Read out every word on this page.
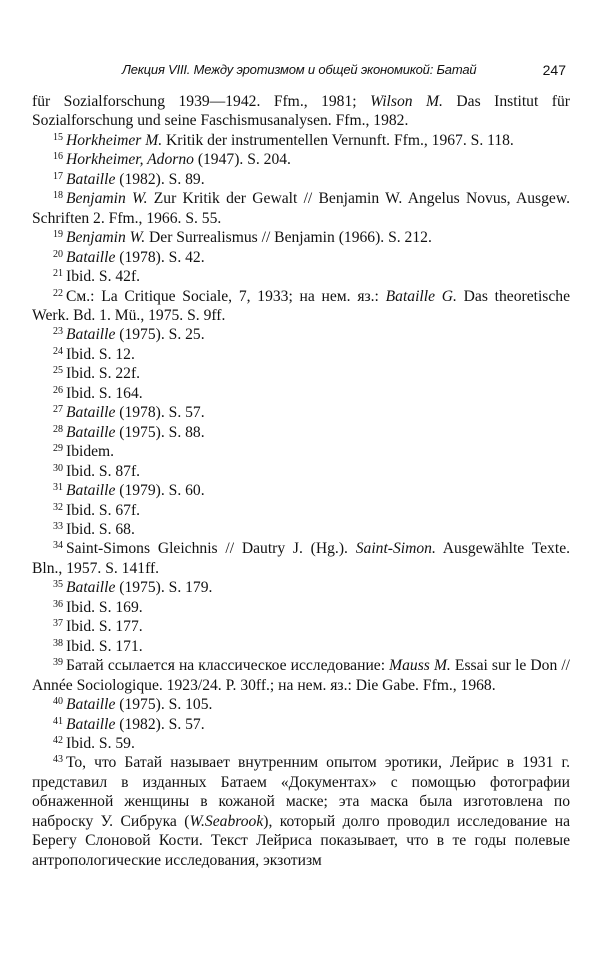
Лекция VIII. Между эротизмом и общей экономикой: Батай	247

für Sozialforschung 1939—1942. Ffm., 1981; Wilson M. Das Institut für Sozialforschung und seine Faschismusanalysen. Ffm., 1982.

$^{15}$ Horkheimer M. Kritik der instrumentellen Vernunft. Ffm., 1967. S. 118.

$^{16}$ Horkheimer, Adorno (1947). S. 204.

$^{17}$ Bataille (1982). S. 89.

$^{18}$ Benjamin W. Zur Kritik der Gewalt // Benjamin W. Angelus Novus, Ausgew. Schriften 2. Ffm., 1966. S. 55.

$^{19}$ Benjamin W. Der Surrealismus // Benjamin (1966). S. 212.

$^{20}$ Bataille (1978). S. 42.

$^{21}$ Ibid. S. 42f.

$^{22}$ См.: La Critique Sociale, 7, 1933; на нем. яз.: Bataille G. Das theoretische Werk. Bd. 1. Mü., 1975. S. 9ff.

$^{23}$ Bataille (1975). S. 25.

$^{24}$ Ibid. S. 12.

$^{25}$ Ibid. S. 22f.

$^{26}$ Ibid. S. 164.

$^{27}$ Bataille (1978). S. 57.

$^{28}$ Bataille (1975). S. 88.

$^{29}$ Ibidem.

$^{30}$ Ibid. S. 87f.

$^{31}$ Bataille (1979). S. 60.

$^{32}$ Ibid. S. 67f.

$^{33}$ Ibid. S. 68.

$^{34}$ Saint-Simons Gleichnis // Dautry J. (Hg.). Saint-Simon. Ausgewählte Texte. Bln., 1957. S. 141ff.

$^{35}$ Bataille (1975). S. 179.

$^{36}$ Ibid. S. 169.

$^{37}$ Ibid. S. 177.

$^{38}$ Ibid. S. 171.

$^{39}$ Батай ссылается на классическое исследование: Mauss M. Essai sur le Don // Année Sociologique. 1923/24. P. 30ff.; на нем. яз.: Die Gabe. Ffm., 1968.

$^{40}$ Bataille (1975). S. 105.

$^{41}$ Bataille (1982). S. 57.

$^{42}$ Ibid. S. 59.

$^{43}$ То, что Батай называет внутренним опытом эротики, Лейрис в 1931 г. представил в изданных Батаем «Документах» с помощью фотографии обнаженной женщины в кожаной маске; эта маска была изготовлена по наброску У. Сибрука (W.Seabrook), который долго проводил исследование на Берегу Слоновой Кости. Текст Лейриса показывает, что в те годы полевые антропологические исследования, экзотизм
